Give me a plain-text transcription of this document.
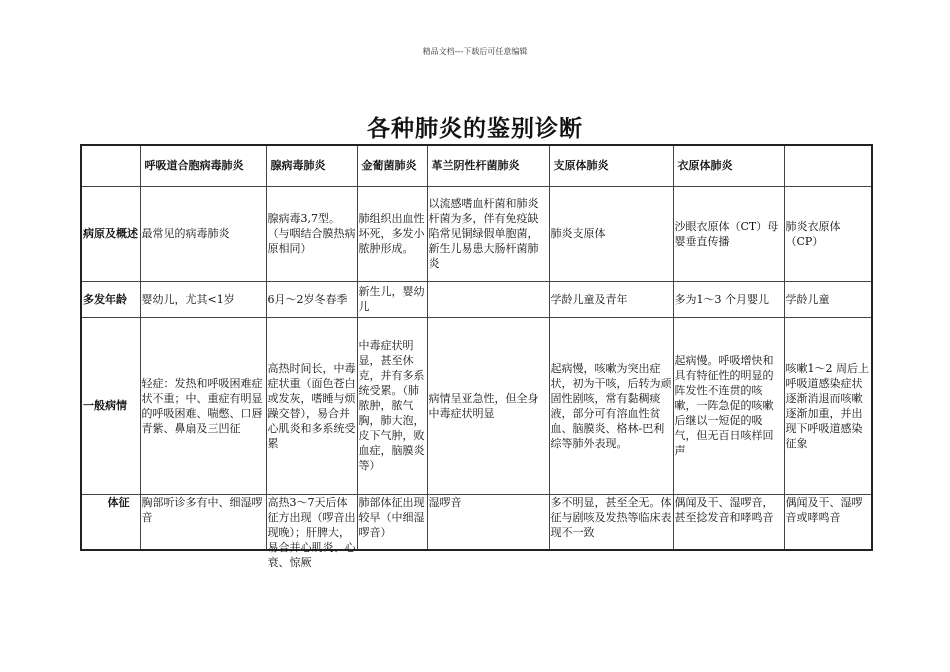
精品文档---下载后可任意编辑
各种肺炎的鉴别诊断
	呼吸道合胞病毒肺炎	腺病毒肺炎	金葡菌肺炎	革兰阴性杆菌肺炎	支原体肺炎	衣原体肺炎	
病原及概述	最常见的病毒肺炎	腺病毒3,7型。（与咽结合膜热病原相同）	肺组织出血性坏死，多发小脓肿形成。	以流感嗜血杆菌和肺炎杆菌为多，伴有免疫缺陷常见铜绿假单胞菌，新生儿易患大肠杆菌肺炎	肺炎支原体	沙眼衣原体（CT）母婴垂直传播	肺炎衣原体（CP）
多发年龄	婴幼儿，尤其<1岁	6月～2岁冬春季	新生儿，婴幼儿		学龄儿童及青年	多为1～3 个月婴儿	学龄儿童
一般病情	轻症：发热和呼吸困难症状不重；中、重症有明显的呼吸困难、喘憋、口唇青紫、鼻扇及三凹征	高热时间长，中毒症状重（面色苍白或发灰，嗜睡与烦躁交替），易合并心肌炎和多系统受累	中毒症状明显，甚至休克，并有多系统受累。（肺脓肿，脓气胸，肺大泡，皮下气肿，败血症，脑膜炎等）	病情呈亚急性，但全身中毒症状明显	起病慢，咳嗽为突出症状，初为干咳，后转为顽固性剧咳，常有黏稠痰液，部分可有溶血性贫血、脑膜炎、格林-巴利综等肺外表现。	起病慢。呼吸增快和具有特征性的明显的阵发性不连贯的咳嗽，一阵急促的咳嗽后继以一短促的吸气，但无百日咳样回声	咳嗽1～2 周后上呼吸道感染症状逐渐消退而咳嗽逐渐加重，并出现下呼吸道感染征象
体征	胸部听诊多有中、细湿啰音	高热3～7天后体征方出现（啰音出现晚）；肝脾大，易合并心肌炎、心衰、惊厥	肺部体征出现较早（中细湿啰音）	湿啰音	多不明显，甚至全无。体征与剧咳及发热等临床表现不一致	偶闻及干、湿啰音，甚至捻发音和哮鸣音	偶闻及干、湿啰音或哮鸣音
